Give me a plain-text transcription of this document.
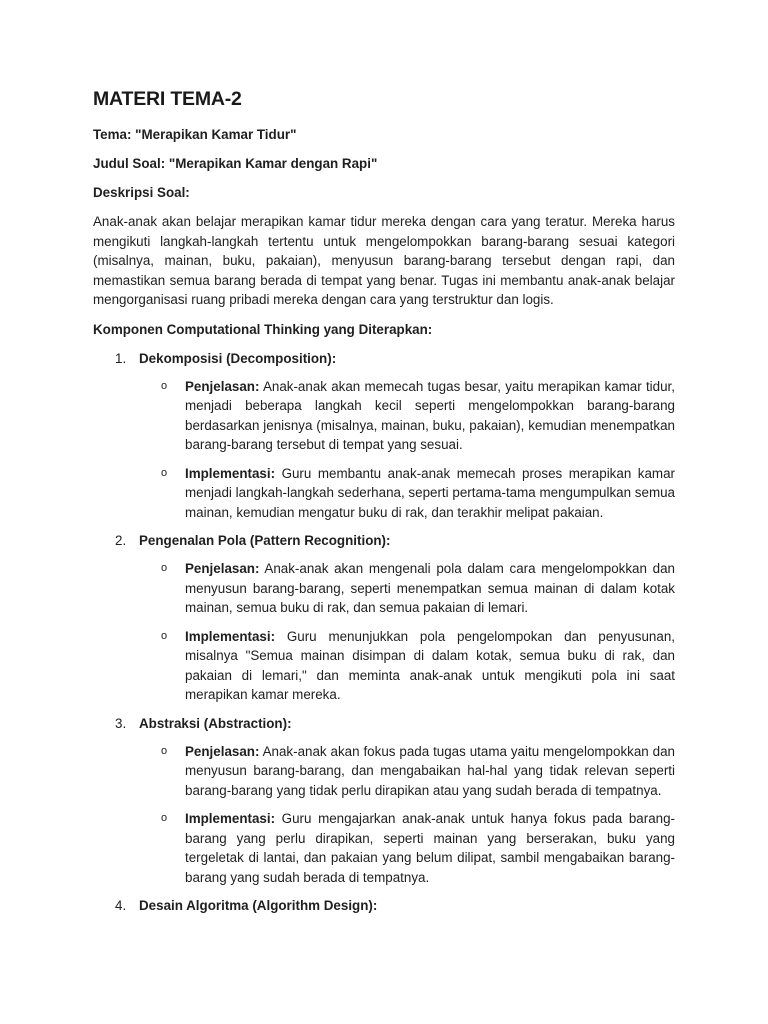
MATERI TEMA-2
Tema: "Merapikan Kamar Tidur"
Judul Soal: "Merapikan Kamar dengan Rapi"
Deskripsi Soal:

Anak-anak akan belajar merapikan kamar tidur mereka dengan cara yang teratur. Mereka harus mengikuti langkah-langkah tertentu untuk mengelompokkan barang-barang sesuai kategori (misalnya, mainan, buku, pakaian), menyusun barang-barang tersebut dengan rapi, dan memastikan semua barang berada di tempat yang benar. Tugas ini membantu anak-anak belajar mengorganisasi ruang pribadi mereka dengan cara yang terstruktur dan logis.

Komponen Computational Thinking yang Diterapkan:
1. Dekomposisi (Decomposition):
o Penjelasan: Anak-anak akan memecah tugas besar, yaitu merapikan kamar tidur, menjadi beberapa langkah kecil seperti mengelompokkan barang-barang berdasarkan jenisnya (misalnya, mainan, buku, pakaian), kemudian menempatkan barang-barang tersebut di tempat yang sesuai.

o Implementasi: Guru membantu anak-anak memecah proses merapikan kamar menjadi langkah-langkah sederhana, seperti pertama-tama mengumpulkan semua mainan, kemudian mengatur buku di rak, dan terakhir melipat pakaian.

2. Pengenalan Pola (Pattern Recognition):
o Penjelasan: Anak-anak akan mengenali pola dalam cara mengelompokkan dan menyusun barang-barang, seperti menempatkan semua mainan di dalam kotak mainan, semua buku di rak, dan semua pakaian di lemari.

o Implementasi: Guru menunjukkan pola pengelompokan dan penyusunan, misalnya "Semua mainan disimpan di dalam kotak, semua buku di rak, dan pakaian di lemari," dan meminta anak-anak untuk mengikuti pola ini saat merapikan kamar mereka.

3. Abstraksi (Abstraction):
o Penjelasan: Anak-anak akan fokus pada tugas utama yaitu mengelompokkan dan menyusun barang-barang, dan mengabaikan hal-hal yang tidak relevan seperti barang-barang yang tidak perlu dirapikan atau yang sudah berada di tempatnya.

o Implementasi: Guru mengajarkan anak-anak untuk hanya fokus pada barang-barang yang perlu dirapikan, seperti mainan yang berserakan, buku yang tergeletak di lantai, dan pakaian yang belum dilipat, sambil mengabaikan barang-barang yang sudah berada di tempatnya.

4. Desain Algoritma (Algorithm Design):
